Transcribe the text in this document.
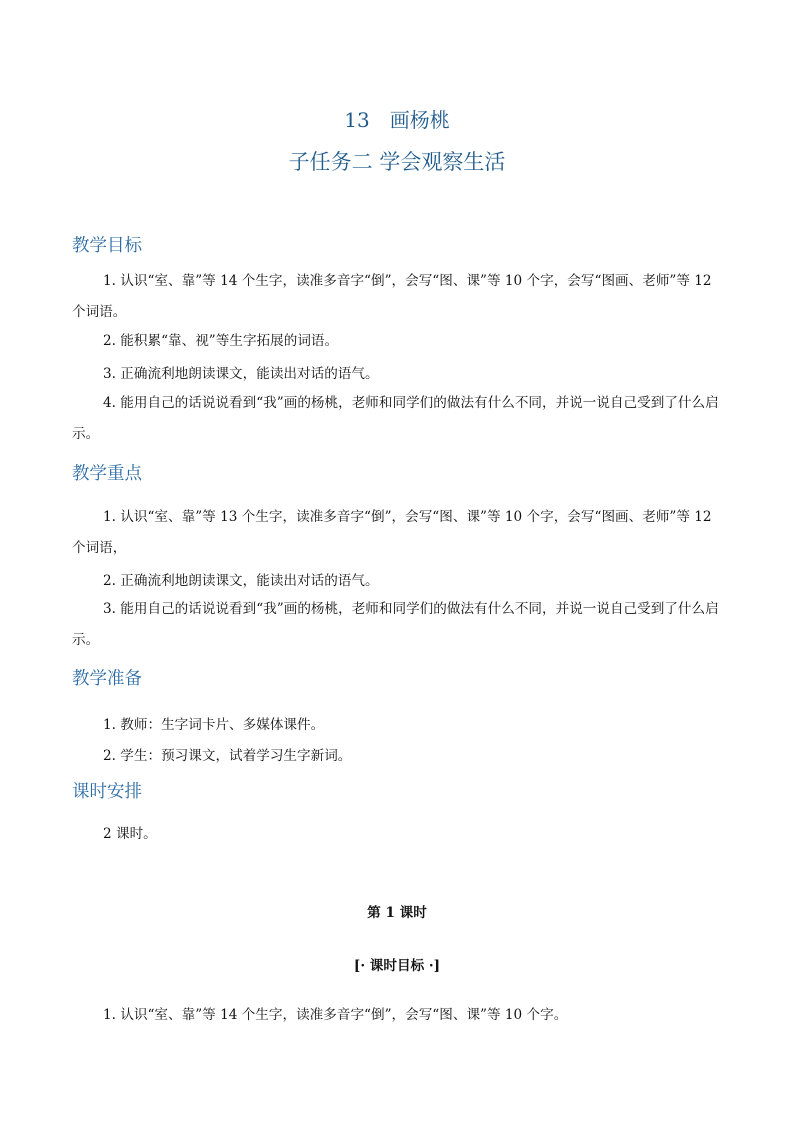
13　画杨桃
子任务二 学会观察生活
教学目标
1. 认识“室、靠”等 14 个生字，读准多音字“倒”，会写“图、课”等 10 个字，会写“图画、老师”等 12 个词语。
2. 能积累“靠、视”等生字拓展的词语。
3. 正确流利地朗读课文，能读出对话的语气。
4. 能用自己的话说说看到“我”画的杨桃，老师和同学们的做法有什么不同，并说一说自己受到了什么启示。
教学重点
1. 认识“室、靠”等 13 个生字，读准多音字“倒”，会写“图、课”等 10 个字，会写“图画、老师”等 12 个词语，
2. 正确流利地朗读课文，能读出对话的语气。
3. 能用自己的话说说看到“我”画的杨桃，老师和同学们的做法有什么不同，并说一说自己受到了什么启示。
教学准备
1. 教师：生字词卡片、多媒体课件。
2. 学生：预习课文，试着学习生字新词。
课时安排
2 课时。
第 1 课时
[· 课时目标 ·]
1. 认识“室、靠”等 14 个生字，读准多音字“倒”，会写“图、课”等 10 个字。
